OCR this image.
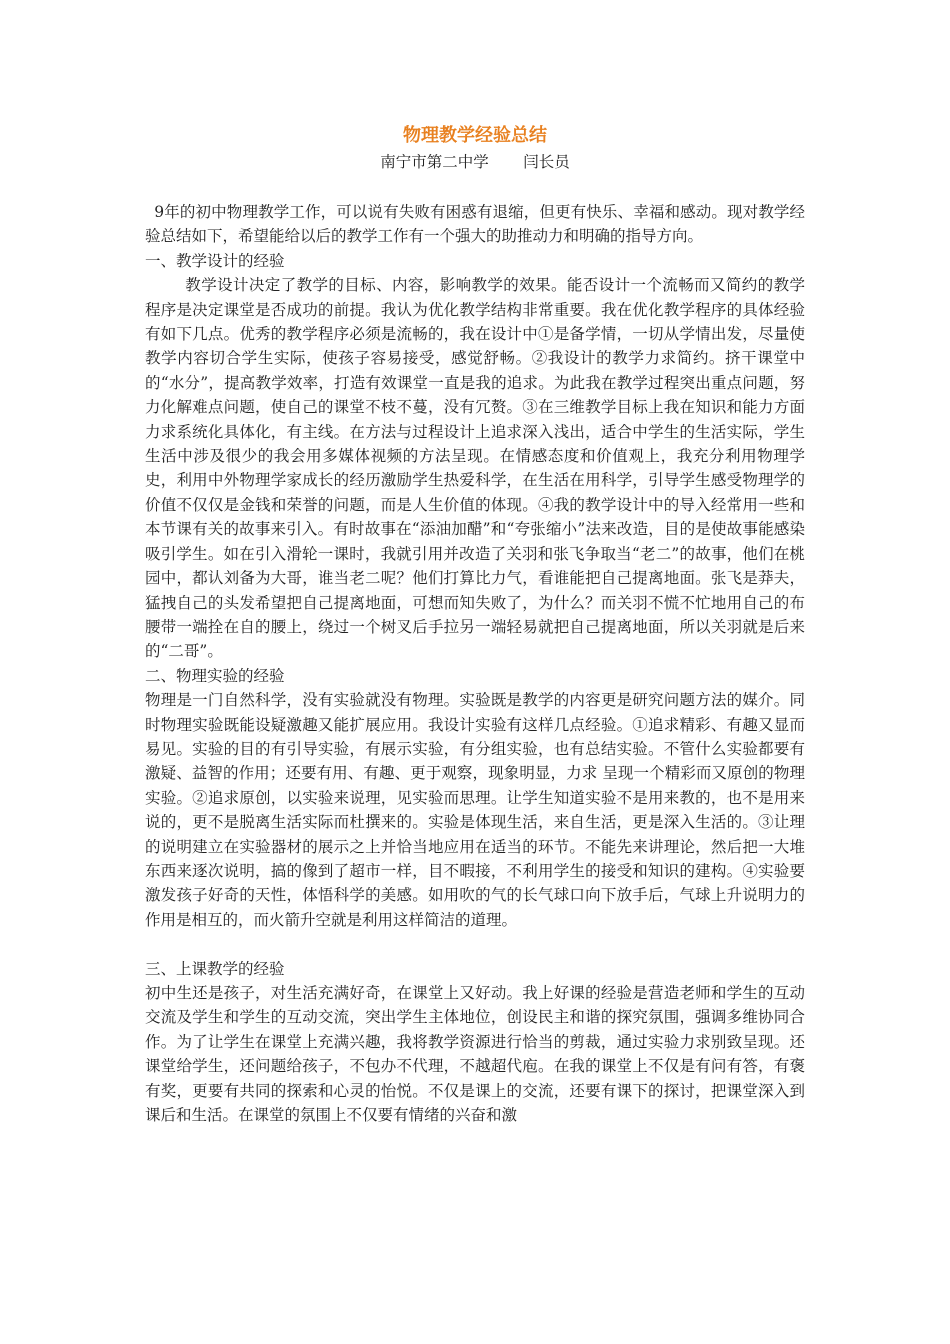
物理教学经验总结
南宁市第二中学       闫长员

9年的初中物理教学工作，可以说有失败有困惑有退缩，但更有快乐、幸福和感动。现对教学经验总结如下，希望能给以后的教学工作有一个强大的助推动力和明确的指导方向。

一、教学设计的经验

教学设计决定了教学的目标、内容，影响教学的效果。能否设计一个流畅而又简约的教学程序是决定课堂是否成功的前提。我认为优化教学结构非常重要。我在优化教学程序的具体经验有如下几点。优秀的教学程序必须是流畅的，我在设计中①是备学情，一切从学情出发，尽量使教学内容切合学生实际，使孩子容易接受，感觉舒畅。②我设计的教学力求简约。挤干课堂中的“水分”，提高教学效率，打造有效课堂一直是我的追求。为此我在教学过程突出重点问题，努力化解难点问题，使自己的课堂不枝不蔓，没有冗赘。③在三维教学目标上我在知识和能力方面力求系统化具体化，有主线。在方法与过程设计上追求深入浅出，适合中学生的生活实际，学生生活中涉及很少的我会用多媒体视频的方法呈现。在情感态度和价值观上，我充分利用物理学史，利用中外物理学家成长的经历激励学生热爱科学，在生活在用科学，引导学生感受物理学的价值不仅仅是金钱和荣誉的问题，而是人生价值的体现。④我的教学设计中的导入经常用一些和本节课有关的故事来引入。有时故事在“添油加醋”和“夸张缩小”法来改造，目的是使故事能感染吸引学生。如在引入滑轮一课时，我就引用并改造了关羽和张飞争取当“老二”的故事，他们在桃园中，都认刘备为大哥，谁当老二呢？他们打算比力气，看谁能把自己提离地面。张飞是莽夫，猛拽自己的头发希望把自己提离地面，可想而知失败了，为什么？而关羽不慌不忙地用自己的布腰带一端拴在自的腰上，绕过一个树叉后手拉另一端轻易就把自己提离地面，所以关羽就是后来的“二哥”。

二、物理实验的经验

物理是一门自然科学，没有实验就没有物理。实验既是教学的内容更是研究问题方法的媒介。同时物理实验既能设疑激趣又能扩展应用。我设计实验有这样几点经验。①追求精彩、有趣又显而易见。实验的目的有引导实验，有展示实验，有分组实验，也有总结实验。不管什么实验都要有激疑、益智的作用；还要有用、有趣、更于观察，现象明显，力求 呈现一个精彩而又原创的物理实验。②追求原创，以实验来说理，见实验而思理。让学生知道实验不是用来教的，也不是用来说的，更不是脱离生活实际而杜撰来的。实验是体现生活，来自生活，更是深入生活的。③让理的说明建立在实验器材的展示之上并恰当地应用在适当的环节。不能先来讲理论，然后把一大堆东西来逐次说明，搞的像到了超市一样，目不暇接，不利用学生的接受和知识的建构。④实验要激发孩子好奇的天性，体悟科学的美感。如用吹的气的长气球口向下放手后，气球上升说明力的作用是相互的，而火箭升空就是利用这样简洁的道理。

三、上课教学的经验

初中生还是孩子，对生活充满好奇，在课堂上又好动。我上好课的经验是营造老师和学生的互动交流及学生和学生的互动交流，突出学生主体地位，创设民主和谐的探究氛围，强调多维协同合作。为了让学生在课堂上充满兴趣，我将教学资源进行恰当的剪裁，通过实验力求别致呈现。还课堂给学生，还问题给孩子，不包办不代理，不越超代庖。在我的课堂上不仅是有问有答，有褒有奖，更要有共同的探索和心灵的怡悦。不仅是课上的交流，还要有课下的探讨，把课堂深入到课后和生活。在课堂的氛围上不仅要有情绪的兴奋和激
